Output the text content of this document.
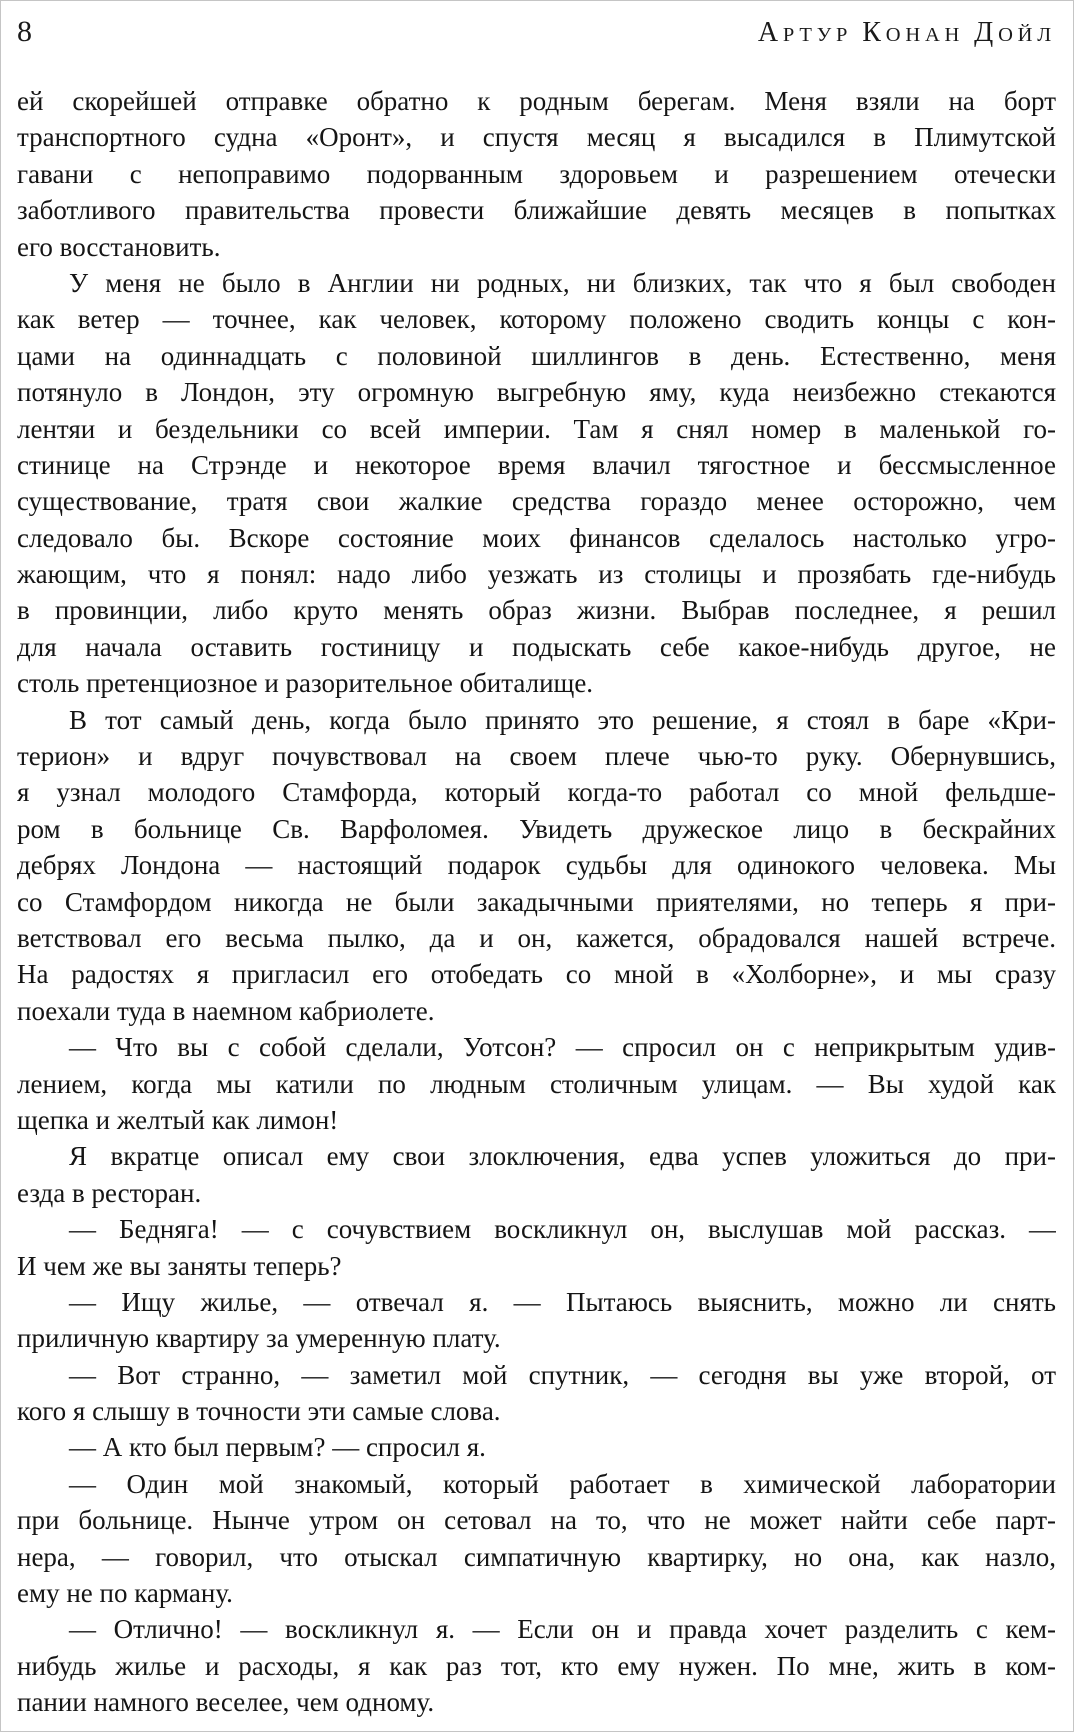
8	АРТУР КОНАН ДОЙЛ
ей скорейшей отправке обратно к родным берегам. Меня взяли на борт
транспортного судна «Оронт», и спустя месяц я высадился в Плимутской
гавани с непоправимо подорванным здоровьем и разрешением отечески
заботливого правительства провести ближайшие девять месяцев в попытках
его восстановить.
У меня не было в Англии ни родных, ни близких, так что я был свободен
как ветер — точнее, как человек, которому положено сводить концы с кон-
цами на одиннадцать с половиной шиллингов в день. Естественно, меня
потянуло в Лондон, эту огромную выгребную яму, куда неизбежно стекаются
лентяи и бездельники со всей империи. Там я снял номер в маленькой го-
стинице на Стрэнде и некоторое время влачил тягостное и бессмысленное
существование, тратя свои жалкие средства гораздо менее осторожно, чем
следовало бы. Вскоре состояние моих финансов сделалось настолько угро-
жающим, что я понял: надо либо уезжать из столицы и прозябать где-нибудь
в провинции, либо круто менять образ жизни. Выбрав последнее, я решил
для начала оставить гостиницу и подыскать себе какое-нибудь другое, не
столь претенциозное и разорительное обиталище.
В тот самый день, когда было принято это решение, я стоял в баре «Кри-
терион» и вдруг почувствовал на своем плече чью-то руку. Обернувшись,
я узнал молодого Стамфорда, который когда-то работал со мной фельдше-
ром в больнице Св. Варфоломея. Увидеть дружеское лицо в бескрайних
дебрях Лондона — настоящий подарок судьбы для одинокого человека. Мы
со Стамфордом никогда не были закадычными приятелями, но теперь я при-
ветствовал его весьма пылко, да и он, кажется, обрадовался нашей встрече.
На радостях я пригласил его отобедать со мной в «Холборне», и мы сразу
поехали туда в наемном кабриолете.
— Что вы с собой сделали, Уотсон? — спросил он с неприкрытым удив-
лением, когда мы катили по людным столичным улицам. — Вы худой как
щепка и желтый как лимон!
Я вкратце описал ему свои злоключения, едва успев уложиться до при-
езда в ресторан.
— Бедняга! — с сочувствием воскликнул он, выслушав мой рассказ. —
И чем же вы заняты теперь?
— Ищу жилье, — отвечал я. — Пытаюсь выяснить, можно ли снять
приличную квартиру за умеренную плату.
— Вот странно, — заметил мой спутник, — сегодня вы уже второй, от
кого я слышу в точности эти самые слова.
— А кто был первым? — спросил я.
— Один мой знакомый, который работает в химической лаборатории
при больнице. Нынче утром он сетовал на то, что не может найти себе парт-
нера, — говорил, что отыскал симпатичную квартирку, но она, как назло,
ему не по карману.
— Отлично! — воскликнул я. — Если он и правда хочет разделить с кем-
нибудь жилье и расходы, я как раз тот, кто ему нужен. По мне, жить в ком-
пании намного веселее, чем одному.
